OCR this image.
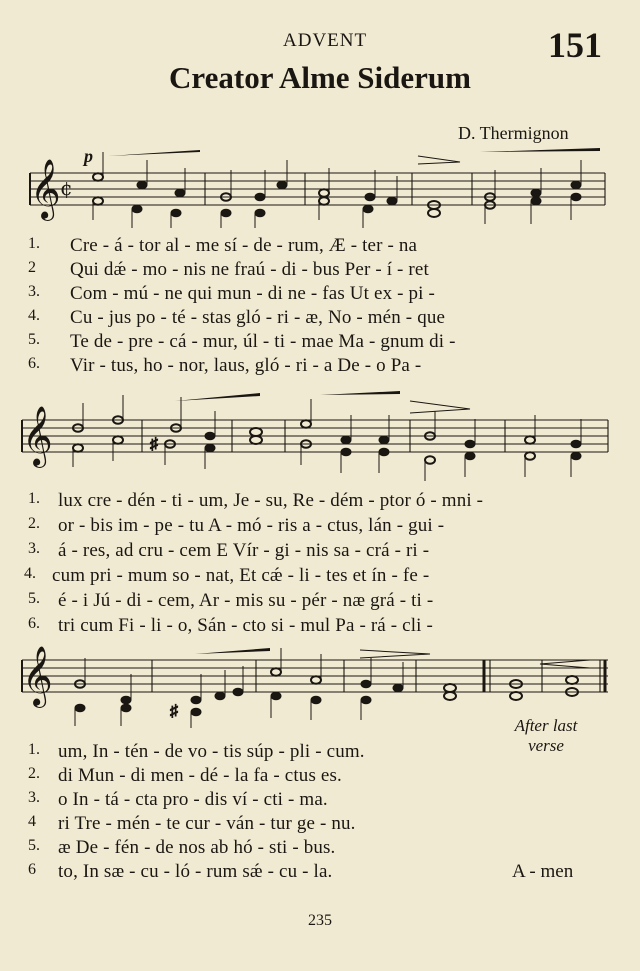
ADVENT	151
Creator Alme Siderum
D. Thermignon
𝄞 ¢
p
1.	Cre - á - tor al - me sí - de - rum, Æ - ter - na
2	Qui dǽ - mo - nis ne fraú - di - bus Per - í - ret
3.	Com - mú - ne qui mun - di ne - fas Ut ex - pi -
4.	Cu - jus po - té - stas gló - ri - æ, No - mén - que
5.	Te de - pre - cá - mur, úl - ti - mae Ma - gnum di -
6.	Vir - tus, ho - nor, laus, gló - ri - a De - o Pa -
𝄞	♯
1. lux cre - dén - ti - um, Je - su, Re - dém - ptor ó - mni -
2. or - bis im - pe - tu A - mó - ris a - ctus, lán - gui -
3. á - res, ad cru - cem E Vír - gi - nis sa - crá - ri -
4. cum pri - mum so - nat, Et cǽ - li - tes et ín - fe -
5. é - i Jú - di - cem, Ar - mis su - pér - næ grá - ti -
6. tri cum Fi - li - o, Sán - cto si - mul Pa - rá - cli -
𝄞
♯
After last verse
1. um, In - tén - de vo - tis súp - pli - cum.
2. di Mun - di men - dé - la fa - ctus es.
3. o In - tá - cta pro - dis ví - cti - ma.
4	ri Tre - mén - te cur - ván - tur ge - nu.
5. æ De - fén - de nos ab hó - sti - bus.
6	to, In sæ - cu - ló - rum sǽ - cu - la.	A - men
235
